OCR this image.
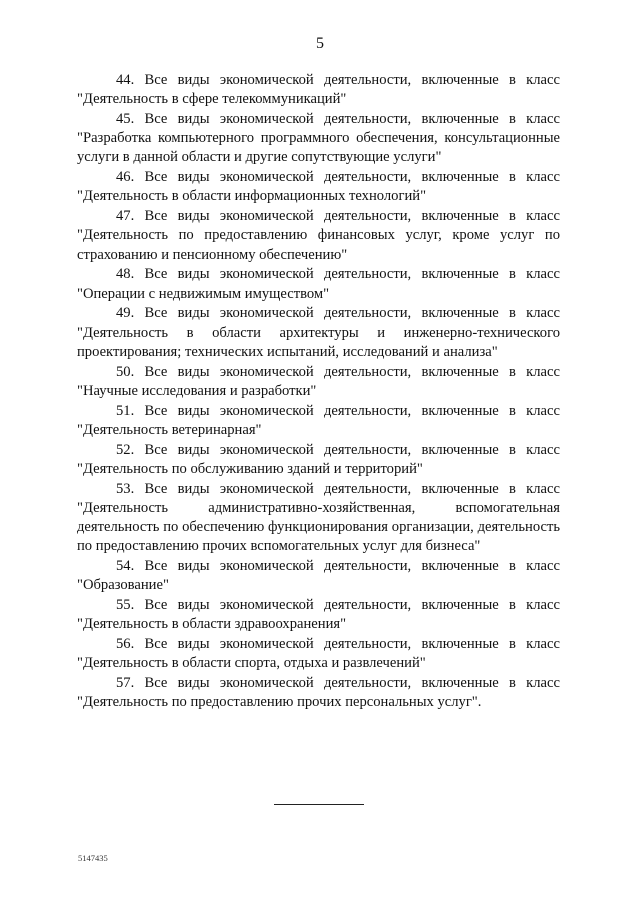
5

44. Все виды экономической деятельности, включенные в класс
"Деятельность в сфере телекоммуникаций"

45. Все виды экономической деятельности, включенные в класс
"Разработка компьютерного программного обеспечения, консультационные услуги в данной области и другие сопутствующие услуги"

46. Все виды экономической деятельности, включенные в класс
"Деятельность в области информационных технологий"

47. Все виды экономической деятельности, включенные в класс
"Деятельность по предоставлению финансовых услуг, кроме услуг по страхованию и пенсионному обеспечению"

48. Все виды экономической деятельности, включенные в класс
"Операции с недвижимым имуществом"

49. Все виды экономической деятельности, включенные в класс
"Деятельность в области архитектуры и инженерно-технического проектирования; технических испытаний, исследований и анализа"

50. Все виды экономической деятельности, включенные в класс
"Научные исследования и разработки"

51. Все виды экономической деятельности, включенные в класс
"Деятельность ветеринарная"

52. Все виды экономической деятельности, включенные в класс
"Деятельность по обслуживанию зданий и территорий"

53. Все виды экономической деятельности, включенные в класс
"Деятельность административно-хозяйственная, вспомогательная деятельность по обеспечению функционирования организации, деятельность по предоставлению прочих вспомогательных услуг для бизнеса"

54. Все виды экономической деятельности, включенные в класс
"Образование"

55. Все виды экономической деятельности, включенные в класс
"Деятельность в области здравоохранения"

56. Все виды экономической деятельности, включенные в класс
"Деятельность в области спорта, отдыха и развлечений"

57. Все виды экономической деятельности, включенные в класс
"Деятельность по предоставлению прочих персональных услуг".

5147435
